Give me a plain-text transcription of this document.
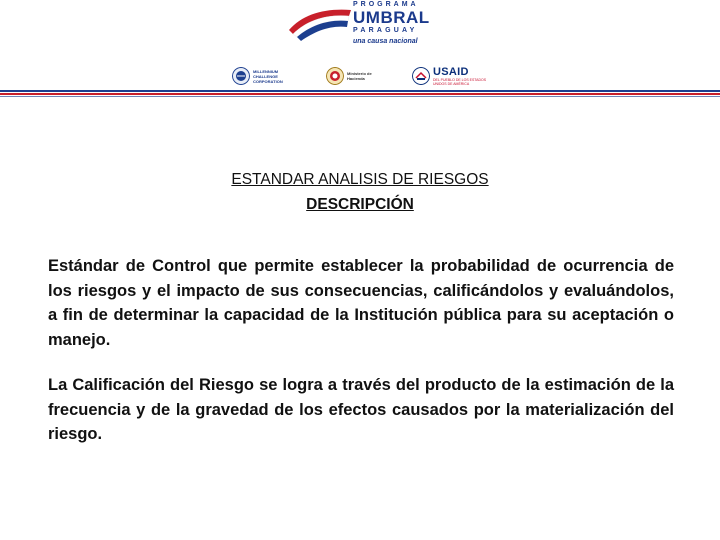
PROGRAMA
UMBRAL
PARAGUAY
una causa nacional
MILLENNIUM CHALLENGE CORPORATION
Ministerio de Hacienda
USAID
DEL PUEBLO DE LOS ESTADOS UNIDOS DE AMÉRICA
ESTANDAR ANALISIS DE RIESGOS
DESCRIPCIÓN

Estándar de Control que permite establecer la probabilidad de ocurrencia de los riesgos y el impacto de sus consecuencias, calificándolos y evaluándolos, a fin de determinar la capacidad de la Institución pública para su aceptación o manejo.

La Calificación del Riesgo se logra a través del producto de la estimación de la frecuencia y de la gravedad de los efectos causados por la materialización del riesgo.
